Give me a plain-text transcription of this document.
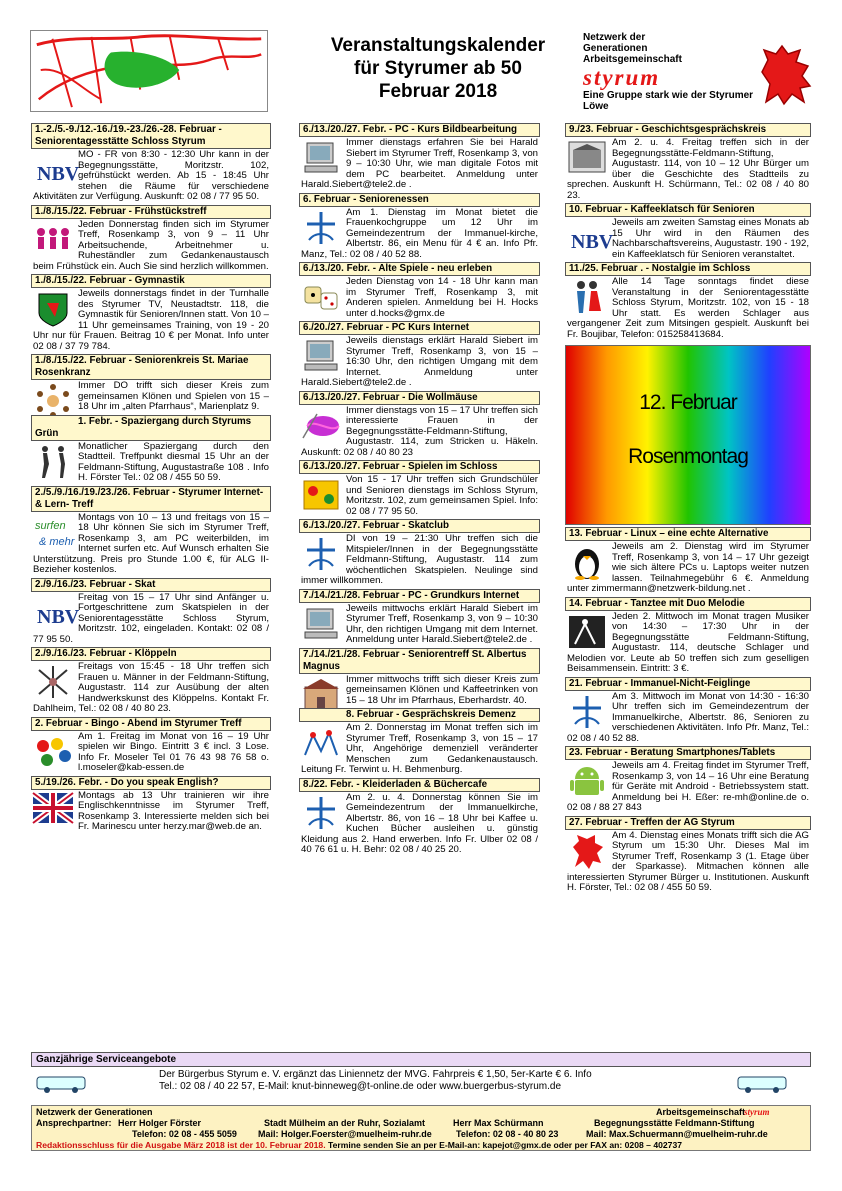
Veranstaltungskalender
für Styrumer ab 50
Februar 2018
Netzwerk der
Generationen
Arbeitsgemeinschaft
styrum
Eine Gruppe stark wie der Styrumer Löwe
1.-2./5.-9./12.-16./19.-23./26.-28. Februar - Seniorentagesstätte Schloss Styrum
NBV
MO - FR von 8:30 - 12:30 Uhr kann in der Begegnungsstätte, Moritzstr. 102, gefrühstückt werden. Ab 15 - 18:45 Uhr stehen die Räume für verschiedene Aktivitäten zur Verfügung. Auskunft: 02 08 / 77 95 50.
1./8./15./22. Februar - Frühstückstreff
Jeden Donnerstag finden sich im Styrumer Treff, Rosenkamp 3, von 9 – 11 Uhr Arbeitsuchende, Arbeitnehmer u. Ruheständler zum Gedankenaustausch beim Frühstück ein. Auch Sie sind herzlich willkommen.
1./8./15./22. Februar - Gymnastik
Jeweils donnerstags findet in der Turnhalle des Styrumer TV, Neustadtstr. 118, die Gymnastik für Senioren/Innen statt. Von 10 – 11 Uhr gemeinsames Training, von 19 - 20 Uhr nur für Frauen. Beitrag 10 € per Monat. Info unter 02 08 / 37 79 784.
1./8./15./22. Februar - Seniorenkreis St. Mariae Rosenkranz
Immer DO trifft sich dieser Kreis zum gemeinsamen Klönen und Spielen von 15 – 18 Uhr im „alten Pfarrhaus“, Marienplatz 9.
1. Febr. - Spaziergang durch Styrums Grün
Monatlicher Spaziergang durch den Stadtteil. Treffpunkt diesmal 15 Uhr an der Feldmann-Stiftung, Augustastraße 108 . Info H. Förster Tel.: 02 08 / 455 50 59.
2./5./9./16./19./23./26. Februar - Styrumer Internet-& Lern- Treff
surfen
& mehr
Montags von 10 – 13 und freitags von 15 – 18 Uhr können Sie sich im Styrumer Treff, Rosenkamp 3, am PC weiterbilden, im Internet surfen etc. Auf Wunsch erhalten Sie Unterstützung. Preis pro Stunde 1.00 €, für ALG II-Bezieher kostenlos.
2./9./16./23. Februar - Skat
NBV
Freitag von 15 – 17 Uhr sind Anfänger u. Fortgeschrittene zum Skatspielen in der Seniorentagesstätte Schloss Styrum, Moritzstr. 102, eingeladen. Kontakt: 02 08 / 77 95 50.
2./9./16./23. Februar - Klöppeln
Freitags von 15:45 - 18 Uhr treffen sich Frauen u. Männer in der Feldmann-Stiftung, Augustastr. 114 zur Ausübung der alten Handwerkskunst des Klöppelns. Kontakt Fr. Dahlheim, Tel.: 02 08 / 40 80 23.
2. Februar - Bingo - Abend im Styrumer Treff
Am 1. Freitag im Monat von 16 – 19 Uhr spielen wir Bingo. Eintritt 3 € incl. 3 Lose. Info Fr. Moseler Tel 01 76 43 98 76 58 o. l.moseler@kab-essen.de
5./19./26. Febr. - Do you speak English?
Montags ab 13 Uhr trainieren wir ihre Englischkenntnisse im Styrumer Treff, Rosenkamp 3. Interessierte melden sich bei Fr. Marinescu unter herzy.mar@web.de an.
6./13./20./27. Febr. - PC - Kurs Bildbearbeitung
Immer dienstags erfahren Sie bei Harald Siebert im Styrumer Treff, Rosenkamp 3, von 9 – 10:30 Uhr, wie man digitale Fotos mit dem PC bearbeitet. Anmeldung unter Harald.Siebert@tele2.de .
6. Februar - Seniorenessen
Am 1. Dienstag im Monat bietet die Frauenkochgruppe um 12 Uhr im Gemeindezentrum der Immanuel-kirche, Albertstr. 86, ein Menu für 4 € an. Info Pfr. Manz, Tel.: 02 08 / 40 52 88.
6./13./20. Febr. - Alte Spiele - neu erleben
Jeden Dienstag von 14 - 18 Uhr kann man im Styrumer Treff, Rosenkamp 3, mit Anderen spielen. Anmeldung bei H. Hocks unter d.hocks@gmx.de
6./20./27. Februar - PC Kurs Internet
Jeweils dienstags erklärt Harald Siebert im Styrumer Treff, Rosenkamp 3, von 15 – 16:30 Uhr, den richtigen Umgang mit dem Internet. Anmeldung unter Harald.Siebert@tele2.de .
6./13./20./27. Februar - Die Wollmäuse
Immer dienstags von 15 – 17 Uhr treffen sich interessierte Frauen in der Begegnungsstätte-Feldmann-Stiftung, Augustastr. 114, zum Stricken u. Häkeln. Auskunft: 02 08 / 40 80 23
6./13./20./27. Februar - Spielen im Schloss
Von 15 - 17 Uhr treffen sich Grundschüler und Senioren dienstags im Schloss Styrum, Moritzstr. 102, zum gemeinsamen Spiel. Info: 02 08 / 77 95 50.
6./13./20./27. Februar - Skatclub
DI von 19 – 21:30 Uhr treffen sich die Mitspieler/Innen in der Begegnungsstätte Feldmann-Stiftung, Augustastr. 114 zum wöchentlichen Skatspielen. Neulinge sind immer willkommen.
7./14./21./28. Februar - PC - Grundkurs Internet
Jeweils mittwochs erklärt Harald Siebert im Styrumer Treff, Rosenkamp 3, von 9 – 10:30 Uhr, den richtigen Umgang mit dem Internet. Anmeldung unter Harald.Siebert@tele2.de .
7./14./21./28. Februar - Seniorentreff St. Albertus Magnus
Immer mittwochs trifft sich dieser Kreis zum gemeinsamen Klönen und Kaffeetrinken von 15 – 18 Uhr im Pfarrhaus, Eberhardstr. 40.
8. Februar - Gesprächskreis Demenz
Am 2. Donnerstag im Monat treffen sich im Styrumer Treff, Rosenkamp 3, von 15 – 17 Uhr, Angehörige demenziell veränderter Menschen zum Gedankenaustausch. Leitung Fr. Terwint u. H. Behmenburg.
8./22. Febr. - Kleiderladen & Büchercafe
Am 2. u. 4. Donnerstag können Sie im Gemeindezentrum der Immanuelkirche, Albertstr. 86, von 16 – 18 Uhr bei Kaffee u. Kuchen Bücher ausleihen u. günstig Kleidung aus 2. Hand erwerben. Info Fr. Ulber 02 08 / 40 76 61 u. H. Behr: 02 08 / 40 25 20.
9./23. Februar - Geschichtsgesprächskreis
Am 2. u. 4. Freitag treffen sich in der Begegnungsstätte-Feldmann-Stiftung, Augustastr. 114, von 10 – 12 Uhr Bürger um über die Geschichte des Stadtteils zu sprechen. Auskunft H. Schürmann, Tel.: 02 08 / 40 80 23.
10. Februar - Kaffeeklatsch für Senioren
NBV
Jeweils am zweiten Samstag eines Monats ab 15 Uhr wird in den Räumen des Nachbarschaftsvereins, Augustastr. 190 - 192, ein Kaffeeklatsch für Senioren veranstaltet.
11./25. Februar . - Nostalgie im Schloss
Alle 14 Tage sonntags findet diese Veranstaltung in der Seniorentagesstätte Schloss Styrum, Moritzstr. 102, von 15 - 18 Uhr statt. Es werden Schlager aus vergangener Zeit zum Mitsingen gespielt. Auskunft bei Fr. Boujibar, Telefon: 015258413684.
12. Februar
Rosenmontag
13. Februar - Linux – eine echte Alternative
Jeweils am 2. Dienstag wird im Styrumer Treff, Rosenkamp 3, von 14 – 17 Uhr gezeigt wie sich ältere PCs u. Laptops weiter nutzen lassen. Teilnahmegebühr 6 €. Anmeldung unter zimmermann@netzwerk-bildung.net .
14. Februar - Tanztee mit Duo Melodie
Jeden 2. Mittwoch im Monat tragen Musiker von 14:30 – 17:30 Uhr in der Begegnungsstätte Feldmann-Stiftung, Augustastr. 114, deutsche Schlager und Melodien vor. Leute ab 50 treffen sich zum geselligen Beisammensein. Eintritt: 3 €.
21. Februar - Immanuel-Nicht-Feiglinge
Am 3. Mittwoch im Monat von 14:30 - 16:30 Uhr treffen sich im Gemeindezentrum der Immanuelkirche, Albertstr. 86, Senioren zu verschiedenen Aktivitäten. Info Pfr. Manz, Tel.: 02 08 / 40 52 88.
23. Februar - Beratung Smartphones/Tablets
Jeweils am 4. Freitag findet im Styrumer Treff, Rosenkamp 3, von 14 – 16 Uhr eine Beratung für Geräte mit Android - Betriebssystem statt. Anmeldung bei H. Eßer: re-mh@online.de o. 02 08 / 88 27 843
27. Februar - Treffen der AG Styrum
Am 4. Dienstag eines Monats trifft sich die AG Styrum um 15:30 Uhr. Dieses Mal im Styrumer Treff, Rosenkamp 3 (1. Etage über der Sparkasse). Mitmachen können alle interessierten Styrumer Bürger u. Institutionen. Auskunft H. Förster, Tel.: 02 08 / 455 50 59.
Ganzjährige Serviceangebote
Der Bürgerbus Styrum e. V. ergänzt das Liniennetz der MVG. Fahrpreis € 1,50, 5er-Karte € 6. Info
Tel.: 02 08 / 40 22 57, E-Mail: knut-binneweg@t-online.de oder www.buergerbus-styrum.de
Netzwerk der Generationen	Arbeitsgemeinschaft
styrum
Ansprechpartner: Herr Holger Förster	Stadt Mülheim an der Ruhr, Sozialamt	Herr Max Schürmann	Begegnungsstätte Feldmann-Stiftung
Telefon: 02 08 - 455 5059 Mail: Holger.Foerster@muelheim-ruhr.de	Telefon: 02 08 - 40 80 23	Mail: Max.Schuermann@muelheim-ruhr.de
Redaktionsschluss für die Ausgabe März 2018 ist der 10. Februar 2018. Termine senden Sie an per E-Mail-an: kapejot@gmx.de oder per FAX an: 0208 – 402737
